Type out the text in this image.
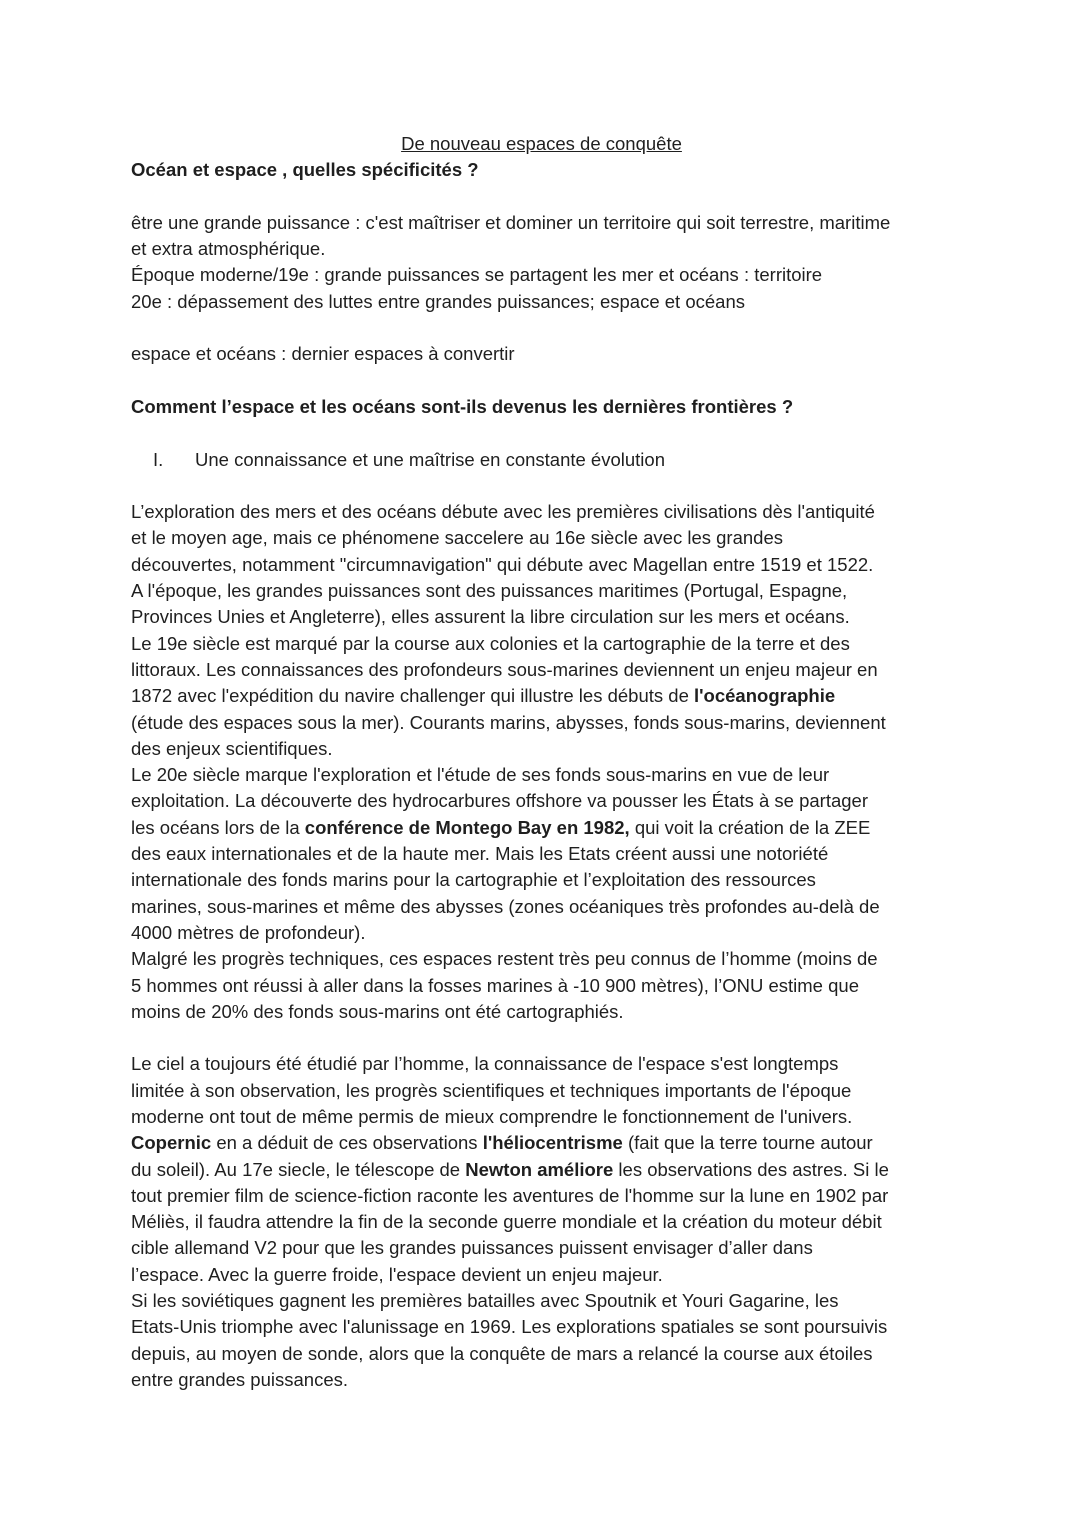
De nouveau espaces de conquête

Océan et espace , quelles spécificités ?

être une grande puissance : c'est maîtriser et dominer un territoire qui soit terrestre, maritime

et extra atmosphérique.

Époque moderne/19e : grande puissances se partagent les mer et océans : territoire

20e : dépassement des luttes entre grandes puissances; espace et océans

espace et océans : dernier espaces à convertir

Comment l’espace et les océans sont-ils devenus les dernières frontières ?

I.	Une connaissance et une maîtrise en constante évolution

L’exploration des mers et des océans débute avec les premières civilisations dès l'antiquité

et le moyen age, mais ce phénomene saccelere au 16e siècle avec les grandes

découvertes, notamment "circumnavigation" qui débute avec Magellan entre 1519 et 1522.

A l'époque, les grandes puissances sont des puissances maritimes (Portugal, Espagne,

Provinces Unies et Angleterre), elles assurent la libre circulation sur les mers et océans.

Le 19e siècle est marqué par la course aux colonies et la cartographie de la terre et des

littoraux. Les connaissances des profondeurs sous-marines deviennent un enjeu majeur en

1872 avec l'expédition du navire challenger qui illustre les débuts de l'océanographie

(étude des espaces sous la mer). Courants marins, abysses, fonds sous-marins, deviennent

des enjeux scientifiques.

Le 20e siècle marque l'exploration et l'étude de ses fonds sous-marins en vue de leur

exploitation. La découverte des hydrocarbures offshore va pousser les États à se partager

les océans lors de la conférence de Montego Bay en 1982, qui voit la création de la ZEE

des eaux internationales et de la haute mer. Mais les Etats créent aussi une notoriété

internationale des fonds marins pour la cartographie et l’exploitation des ressources

marines, sous-marines et même des abysses (zones océaniques très profondes au-delà de

4000 mètres de profondeur).

Malgré les progrès techniques, ces espaces restent très peu connus de l’homme (moins de

5 hommes ont réussi à aller dans la fosses marines à -10 900 mètres), l’ONU estime que

moins de 20% des fonds sous-marins ont été cartographiés.

Le ciel a toujours été étudié par l’homme, la connaissance de l'espace s'est longtemps

limitée à son observation, les progrès scientifiques et techniques importants de l'époque

moderne ont tout de même permis de mieux comprendre le fonctionnement de l'univers.

Copernic en a déduit de ces observations l'héliocentrisme (fait que la terre tourne autour

du soleil). Au 17e siecle, le télescope de Newton améliore les observations des astres. Si le

tout premier film de science-fiction raconte les aventures de l'homme sur la lune en 1902 par

Méliès, il faudra attendre la fin de la seconde guerre mondiale et la création du moteur débit

cible allemand V2 pour que les grandes puissances puissent envisager d’aller dans

l’espace. Avec la guerre froide, l'espace devient un enjeu majeur.

Si les soviétiques gagnent les premières batailles avec Spoutnik et Youri Gagarine, les

Etats-Unis triomphe avec l'alunissage en 1969. Les explorations spatiales se sont poursuivis

depuis, au moyen de sonde, alors que la conquête de mars a relancé la course aux étoiles

entre grandes puissances.
